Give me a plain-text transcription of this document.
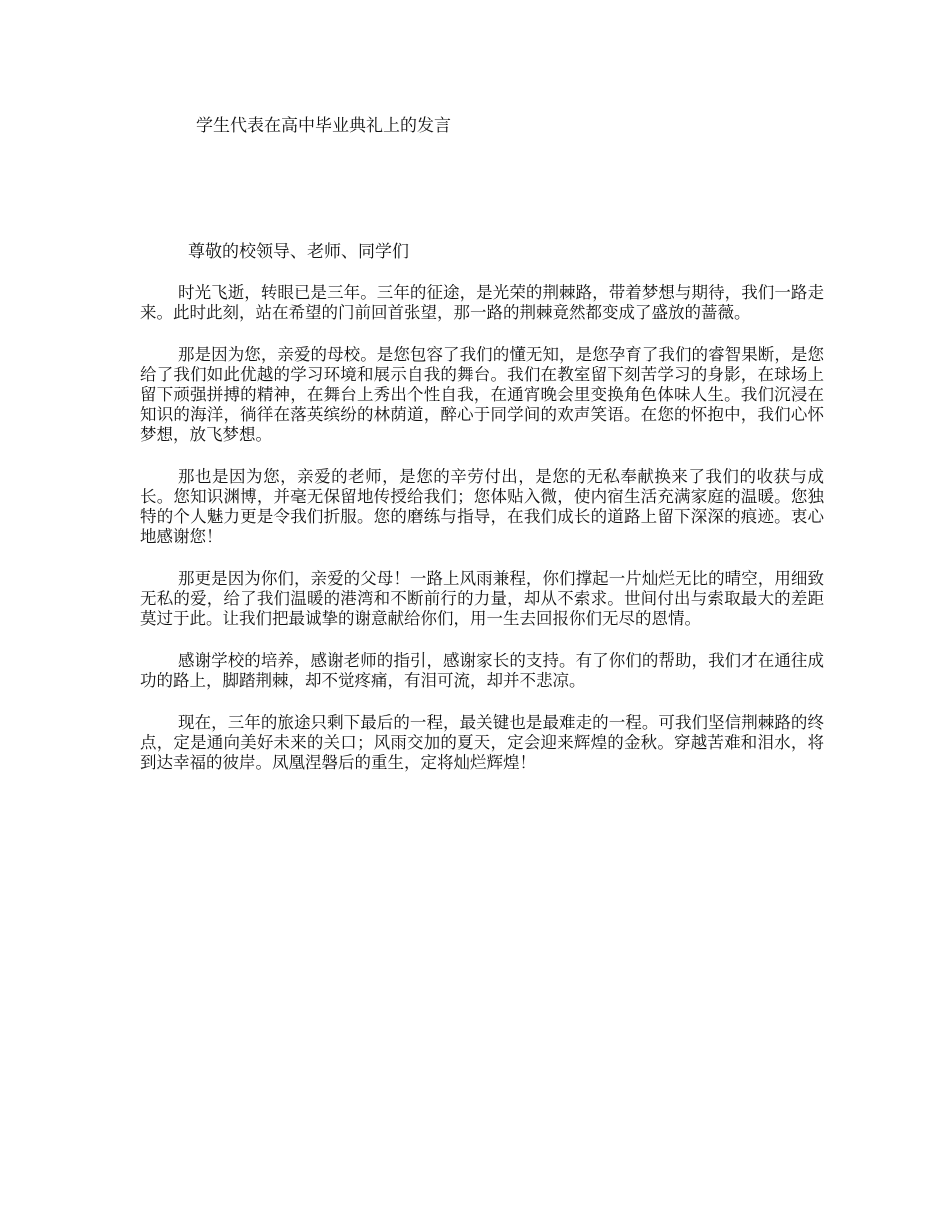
学生代表在高中毕业典礼上的发言

尊敬的校领导、老师、同学们

时光飞逝，转眼已是三年。三年的征途，是光荣的荆棘路，带着梦想与期待，我们一路走来。此时此刻，站在希望的门前回首张望，那一路的荆棘竟然都变成了盛放的蔷薇。

那是因为您，亲爱的母校。是您包容了我们的懂无知，是您孕育了我们的睿智果断，是您给了我们如此优越的学习环境和展示自我的舞台。我们在教室留下刻苦学习的身影，在球场上留下顽强拼搏的精神，在舞台上秀出个性自我，在通宵晚会里变换角色体味人生。我们沉浸在知识的海洋，徜徉在落英缤纷的林荫道，醉心于同学间的欢声笑语。在您的怀抱中，我们心怀梦想，放飞梦想。

那也是因为您，亲爱的老师，是您的辛劳付出，是您的无私奉献换来了我们的收获与成长。您知识渊博，并毫无保留地传授给我们；您体贴入微，使内宿生活充满家庭的温暖。您独特的个人魅力更是令我们折服。您的磨练与指导，在我们成长的道路上留下深深的痕迹。衷心地感谢您！

那更是因为你们，亲爱的父母！一路上风雨兼程，你们撑起一片灿烂无比的晴空，用细致无私的爱，给了我们温暖的港湾和不断前行的力量，却从不索求。世间付出与索取最大的差距莫过于此。让我们把最诚挚的谢意献给你们，用一生去回报你们无尽的恩情。

感谢学校的培养，感谢老师的指引，感谢家长的支持。有了你们的帮助，我们才在通往成功的路上，脚踏荆棘，却不觉疼痛，有泪可流，却并不悲凉。

现在，三年的旅途只剩下最后的一程，最关键也是最难走的一程。可我们坚信荆棘路的终点，定是通向美好未来的关口；风雨交加的夏天，定会迎来辉煌的金秋。穿越苦难和泪水，将到达幸福的彼岸。凤凰涅磐后的重生，定将灿烂辉煌！
